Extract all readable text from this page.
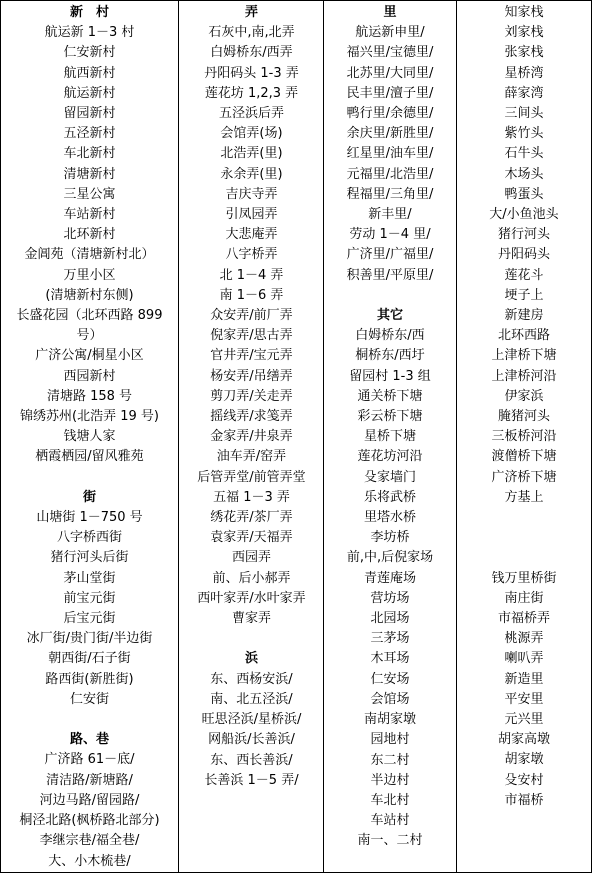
新　村
航运新 1－3 村
仁安新村
航西新村
航运新村
留园新村
五泾新村
车北新村
清塘新村
三星公寓
车站新村
北环新村
金阊苑（清塘新村北）
万里小区
(清塘新村东侧)
长盛花园（北环西路 899
号）
广济公寓/桐星小区
西园新村
清塘路 158 号
锦绣苏州(北浩弄 19 号)
钱塘人家
栖霞栖园/留风雅苑
街
山塘街 1－750 号
八字桥西街
猪行河头后街
茅山堂街
前宝元街
后宝元街
冰厂街/贵门街/半边街
朝西街/石子街
路西街(新胜街)
仁安街
路、巷
广济路 61－底/
清洁路/新塘路/
河边马路/留园路/
桐泾北路(枫桥路北部分)
李继宗巷/福全巷/
大、小木梳巷/
弄
石灰中,南,北弄
白姆桥东/西弄
丹阳码头 1-3 弄
莲花坊 1,2,3 弄
五泾浜后弄
会馆弄(场)
北浩弄(里)
永余弄(里)
吉庆寺弄
引凤园弄
大悲庵弄
八字桥弄
北 1－4 弄
南 1－6 弄
众安弄/前厂弄
倪家弄/思古弄
官井弄/宝元弄
杨安弄/吊缮弄
剪刀弄/关走弄
摇线弄/求笺弄
金家弄/井泉弄
油车弄/窑弄
后管弄堂/前管弄堂
五福 1－3 弄
绣花弄/茶厂弄
袁家弄/天福弄
西园弄
前、后小郝弄
西叶家弄/水叶家弄
曹家弄
浜
东、西杨安浜/
南、北五泾浜/
旺思泾浜/星桥浜/
网船浜/长善浜/
东、西长善浜/
长善浜 1－5 弄/
里
航运新申里/
福兴里/宝德里/
北苏里/大同里/
民丰里/澶子里/
鸭行里/余德里/
余庆里/新胜里/
红星里/油车里/
元福里/北浩里/
程福里/三角里/
新丰里/
劳动 1－4 里/
广济里/广福里/
积善里/平原里/
其它
白姆桥东/西
桐桥东/西圩
留园村 1-3 组
通关桥下塘
彩云桥下塘
星桥下塘
莲花坊河沿
殳家墙门
乐将武桥
里塔水桥
李坊桥
前,中,后倪家场
青莲庵场
营坊场
北园场
三茅场
木耳场
仁安场
会馆场
南胡家墩
园地村
东二村
半边村
车北村
车站村
南一、二村
知家栈
刘家栈
张家栈
星桥湾
薛家湾
三间头
紫竹头
石牛头
木场头
鸭蛋头
大/小鱼池头
猪行河头
丹阳码头
莲花斗
埂子上
新建房
北环西路
上津桥下塘
上津桥河沿
伊家浜
腌猪河头
三板桥河沿
渡僧桥下塘
广济桥下塘
方基上
钱万里桥街
南庄街
市福桥弄
桃源弄
喇叭弄
新造里
平安里
元兴里
胡家高墩
胡家墩
殳安村
市福桥
